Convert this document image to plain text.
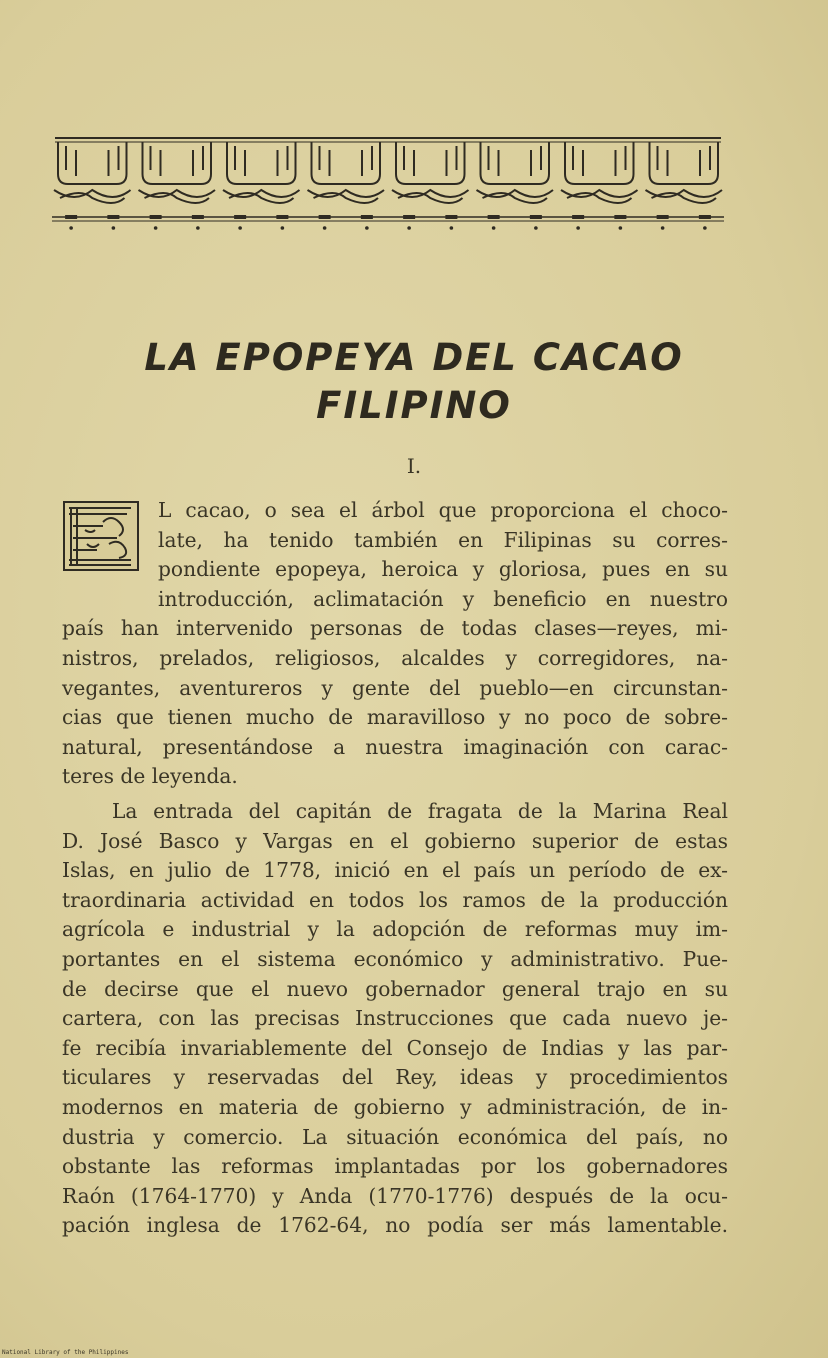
LA EPOPEYA DEL CACAO
FILIPINO
I.
L cacao, o sea el árbol que proporciona el choco-
late, ha tenido también en Filipinas su corres-
pondiente epopeya, heroica y gloriosa, pues en su
introducción, aclimatación y beneficio en nuestro
país han intervenido personas de todas clases—reyes, mi-
nistros, prelados, religiosos, alcaldes y corregidores, na-
vegantes, aventureros y gente del pueblo—en circunstan-
cias que tienen mucho de maravilloso y no poco de sobre-
natural, presentándose a nuestra imaginación con carac-
teres de leyenda.
La entrada del capitán de fragata de la Marina Real
D. José Basco y Vargas en el gobierno superior de estas
Islas, en julio de 1778, inició en el país un período de ex-
traordinaria actividad en todos los ramos de la producción
agrícola e industrial y la adopción de reformas muy im-
portantes en el sistema económico y administrativo. Pue-
de decirse que el nuevo gobernador general trajo en su
cartera, con las precisas Instrucciones que cada nuevo je-
fe recibía invariablemente del Consejo de Indias y las par-
ticulares y reservadas del Rey, ideas y procedimientos
modernos en materia de gobierno y administración, de in-
dustria y comercio. La situación económica del país, no
obstante las reformas implantadas por los gobernadores
Raón (1764-1770) y Anda (1770-1776) después de la ocu-
pación inglesa de 1762-64, no podía ser más lamentable.
National Library of the Philippines
